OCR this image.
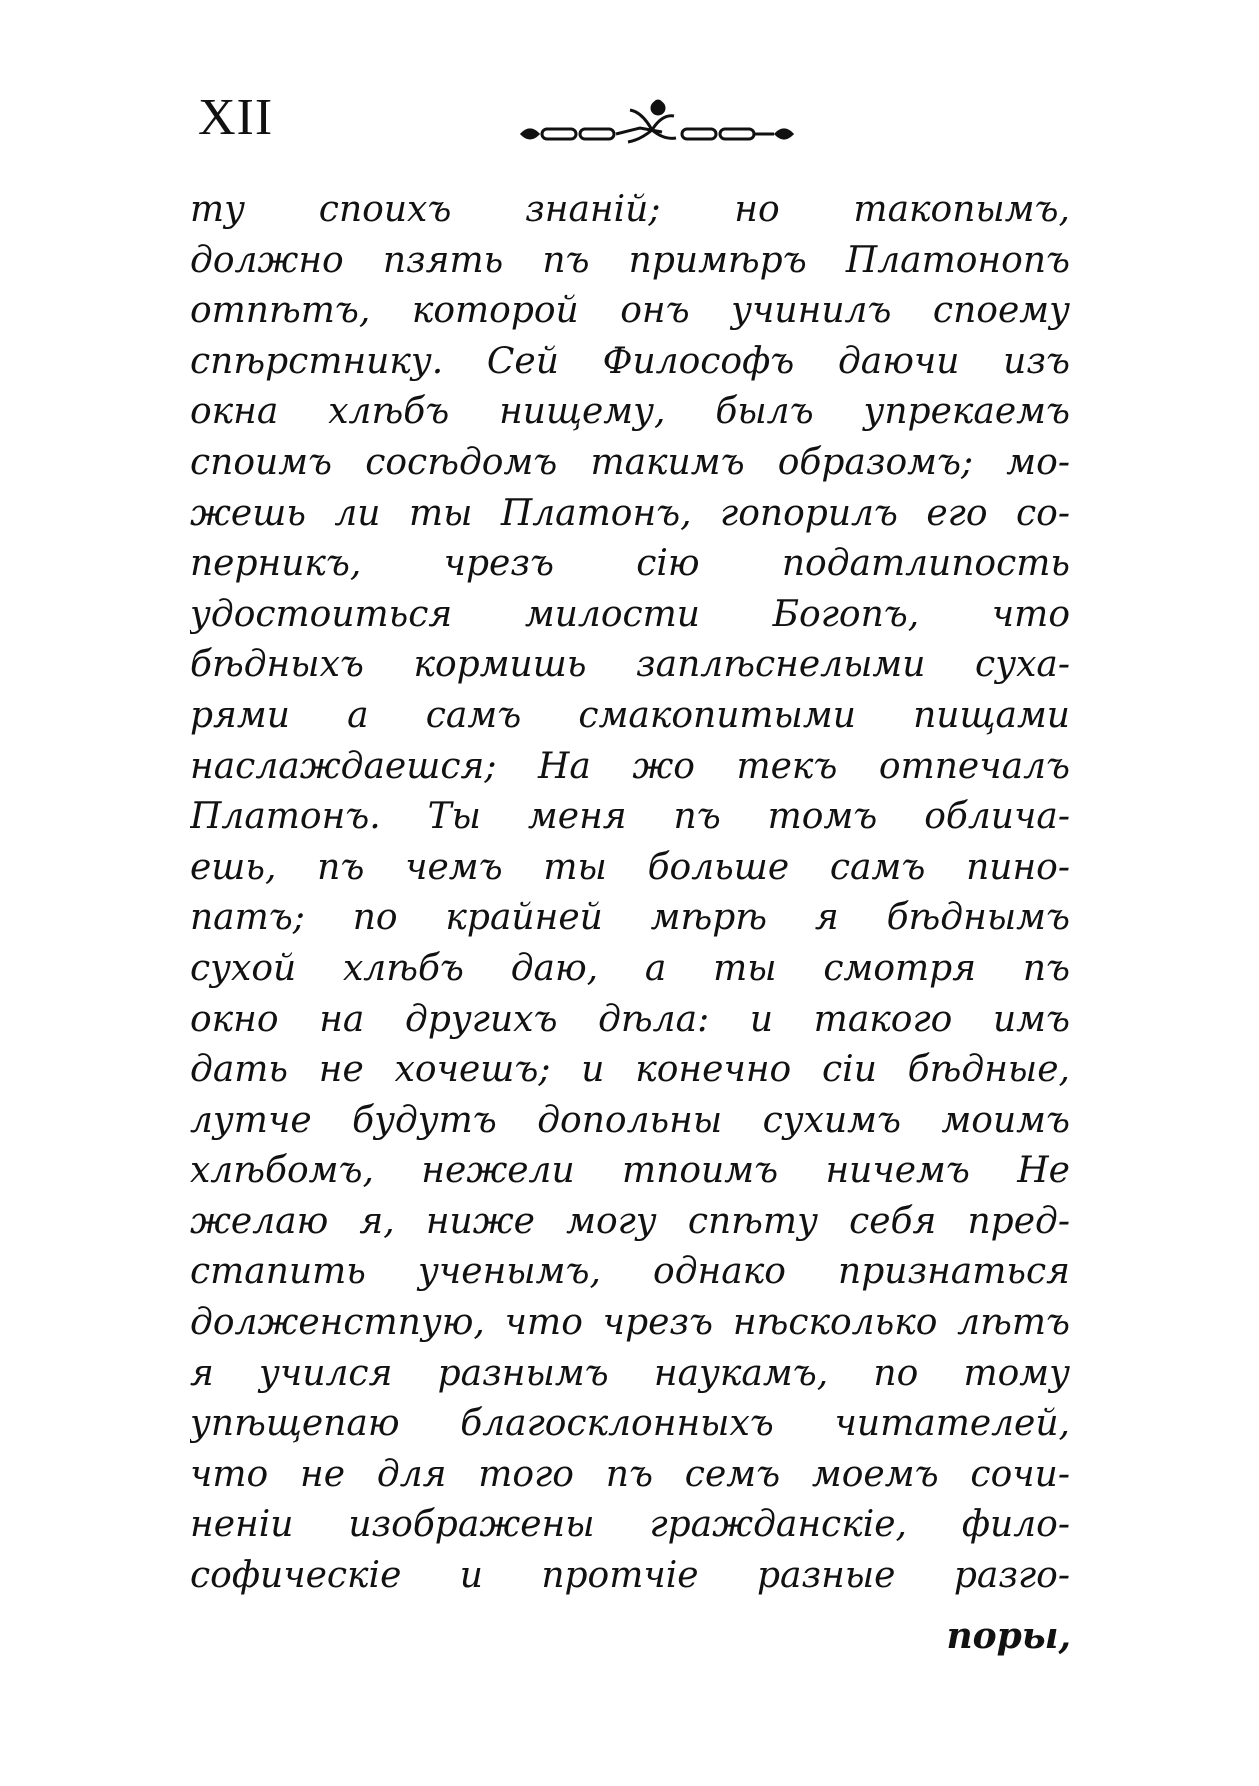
XII
ту споихъ знаній; но такопымъ,
должно пзять пъ примѣръ Платонопъ
отпѣтъ, которой онъ учинилъ споему
спѣрстнику. Сей Философъ даючи изъ
окна хлѣбъ нищему, былъ упрекаемъ
споимъ сосѣдомъ такимъ образомъ; мо-
жешь ли ты Платонъ, гопорилъ его со-
перникъ, чрезъ сію податлипость
удостоиться милости Богопъ, что
бѣдныхъ кормишь заплѣснелыми суха-
рями а самъ смакопитыми пищами
наслаждаешся; На жо текъ отпечалъ
Платонъ. Ты меня пъ томъ обличa-
ешь, пъ чемъ ты больше самъ пино-
патъ; по крайней мѣрѣ я бѣднымъ
сухой хлѣбъ даю, а ты смотря пъ
окно на другихъ дѣла: и такого имъ
дать не хочешъ; и конечно сіи бѣдные,
лутче будутъ допольны сухимъ моимъ
хлѣбомъ, нежели тпоимъ ничемъ Не
желаю я, ниже могу спѣту себя пред-
стапить ученымъ, однако признаться
долженстпую, что чрезъ нѣсколько лѣтъ
я учился разнымъ наукамъ, по тому
упѣщепаю благосклонныхъ читателей,
что не для того пъ семъ моемъ сочи-
неніи изображены гражданскіе, фило-
софическіе и протчіе разные разго-
поры,
